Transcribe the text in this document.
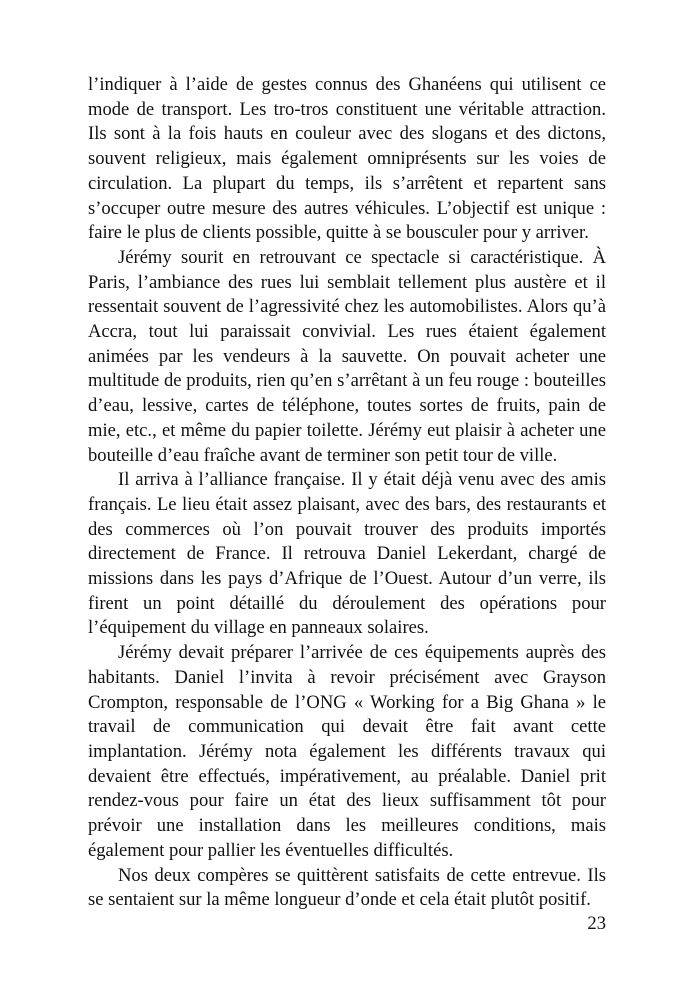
l’indiquer à l’aide de gestes connus des Ghanéens qui utilisent ce mode de transport. Les tro-tros constituent une véritable attraction. Ils sont à la fois hauts en couleur avec des slogans et des dictons, souvent religieux, mais également omniprésents sur les voies de circulation. La plupart du temps, ils s’arrêtent et repartent sans s’occuper outre mesure des autres véhicules. L’objectif est unique : faire le plus de clients possible, quitte à se bousculer pour y arriver.

Jérémy sourit en retrouvant ce spectacle si caractéristique. À Paris, l’ambiance des rues lui semblait tellement plus austère et il ressentait souvent de l’agressivité chez les automobilistes. Alors qu’à Accra, tout lui paraissait convivial. Les rues étaient également animées par les vendeurs à la sauvette. On pouvait acheter une multitude de produits, rien qu’en s’arrêtant à un feu rouge : bouteilles d’eau, lessive, cartes de téléphone, toutes sortes de fruits, pain de mie, etc., et même du papier toilette. Jérémy eut plaisir à acheter une bouteille d’eau fraîche avant de terminer son petit tour de ville.

Il arriva à l’alliance française. Il y était déjà venu avec des amis français. Le lieu était assez plaisant, avec des bars, des restaurants et des commerces où l’on pouvait trouver des produits importés directement de France. Il retrouva Daniel Lekerdant, chargé de missions dans les pays d’Afrique de l’Ouest. Autour d’un verre, ils firent un point détaillé du déroulement des opérations pour l’équipement du village en panneaux solaires.

Jérémy devait préparer l’arrivée de ces équipements auprès des habitants. Daniel l’invita à revoir précisément avec Grayson Crompton, responsable de l’ONG « Working for a Big Ghana » le travail de communication qui devait être fait avant cette implantation. Jérémy nota également les différents travaux qui devaient être effectués, impérativement, au préalable. Daniel prit rendez-vous pour faire un état des lieux suffisamment tôt pour prévoir une installation dans les meilleures conditions, mais également pour pallier les éventuelles difficultés.

Nos deux compères se quittèrent satisfaits de cette entrevue. Ils se sentaient sur la même longueur d’onde et cela était plutôt positif.

23
